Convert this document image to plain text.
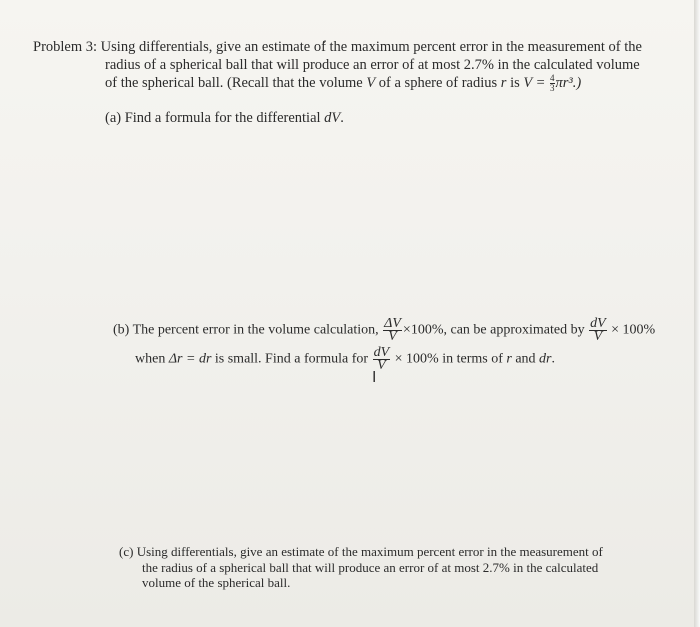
Problem 3: Using differentials, give an estimate of the maximum percent error in the measurement of the
radius of a spherical ball that will produce an error of at most 2.7% in the calculated volume
of the spherical ball. (Recall that the volume V of a sphere of radius r is $V = \frac{4}{3} \pi r^3$.)
(a) Find a formula for the differential dV.
(b) The percent error in the volume calculation, $\frac{\Delta V}{V} \times 100\%$, can be approximated by $\frac{dV}{V} \times 100\%$
when Δr = dr is small. Find a formula for $\frac{dV}{V} \times 100\%$ in terms of r and dr.
I
(c) Using differentials, give an estimate of the maximum percent error in the measurement of
the radius of a spherical ball that will produce an error of at most 2.7% in the calculated
volume of the spherical ball.
